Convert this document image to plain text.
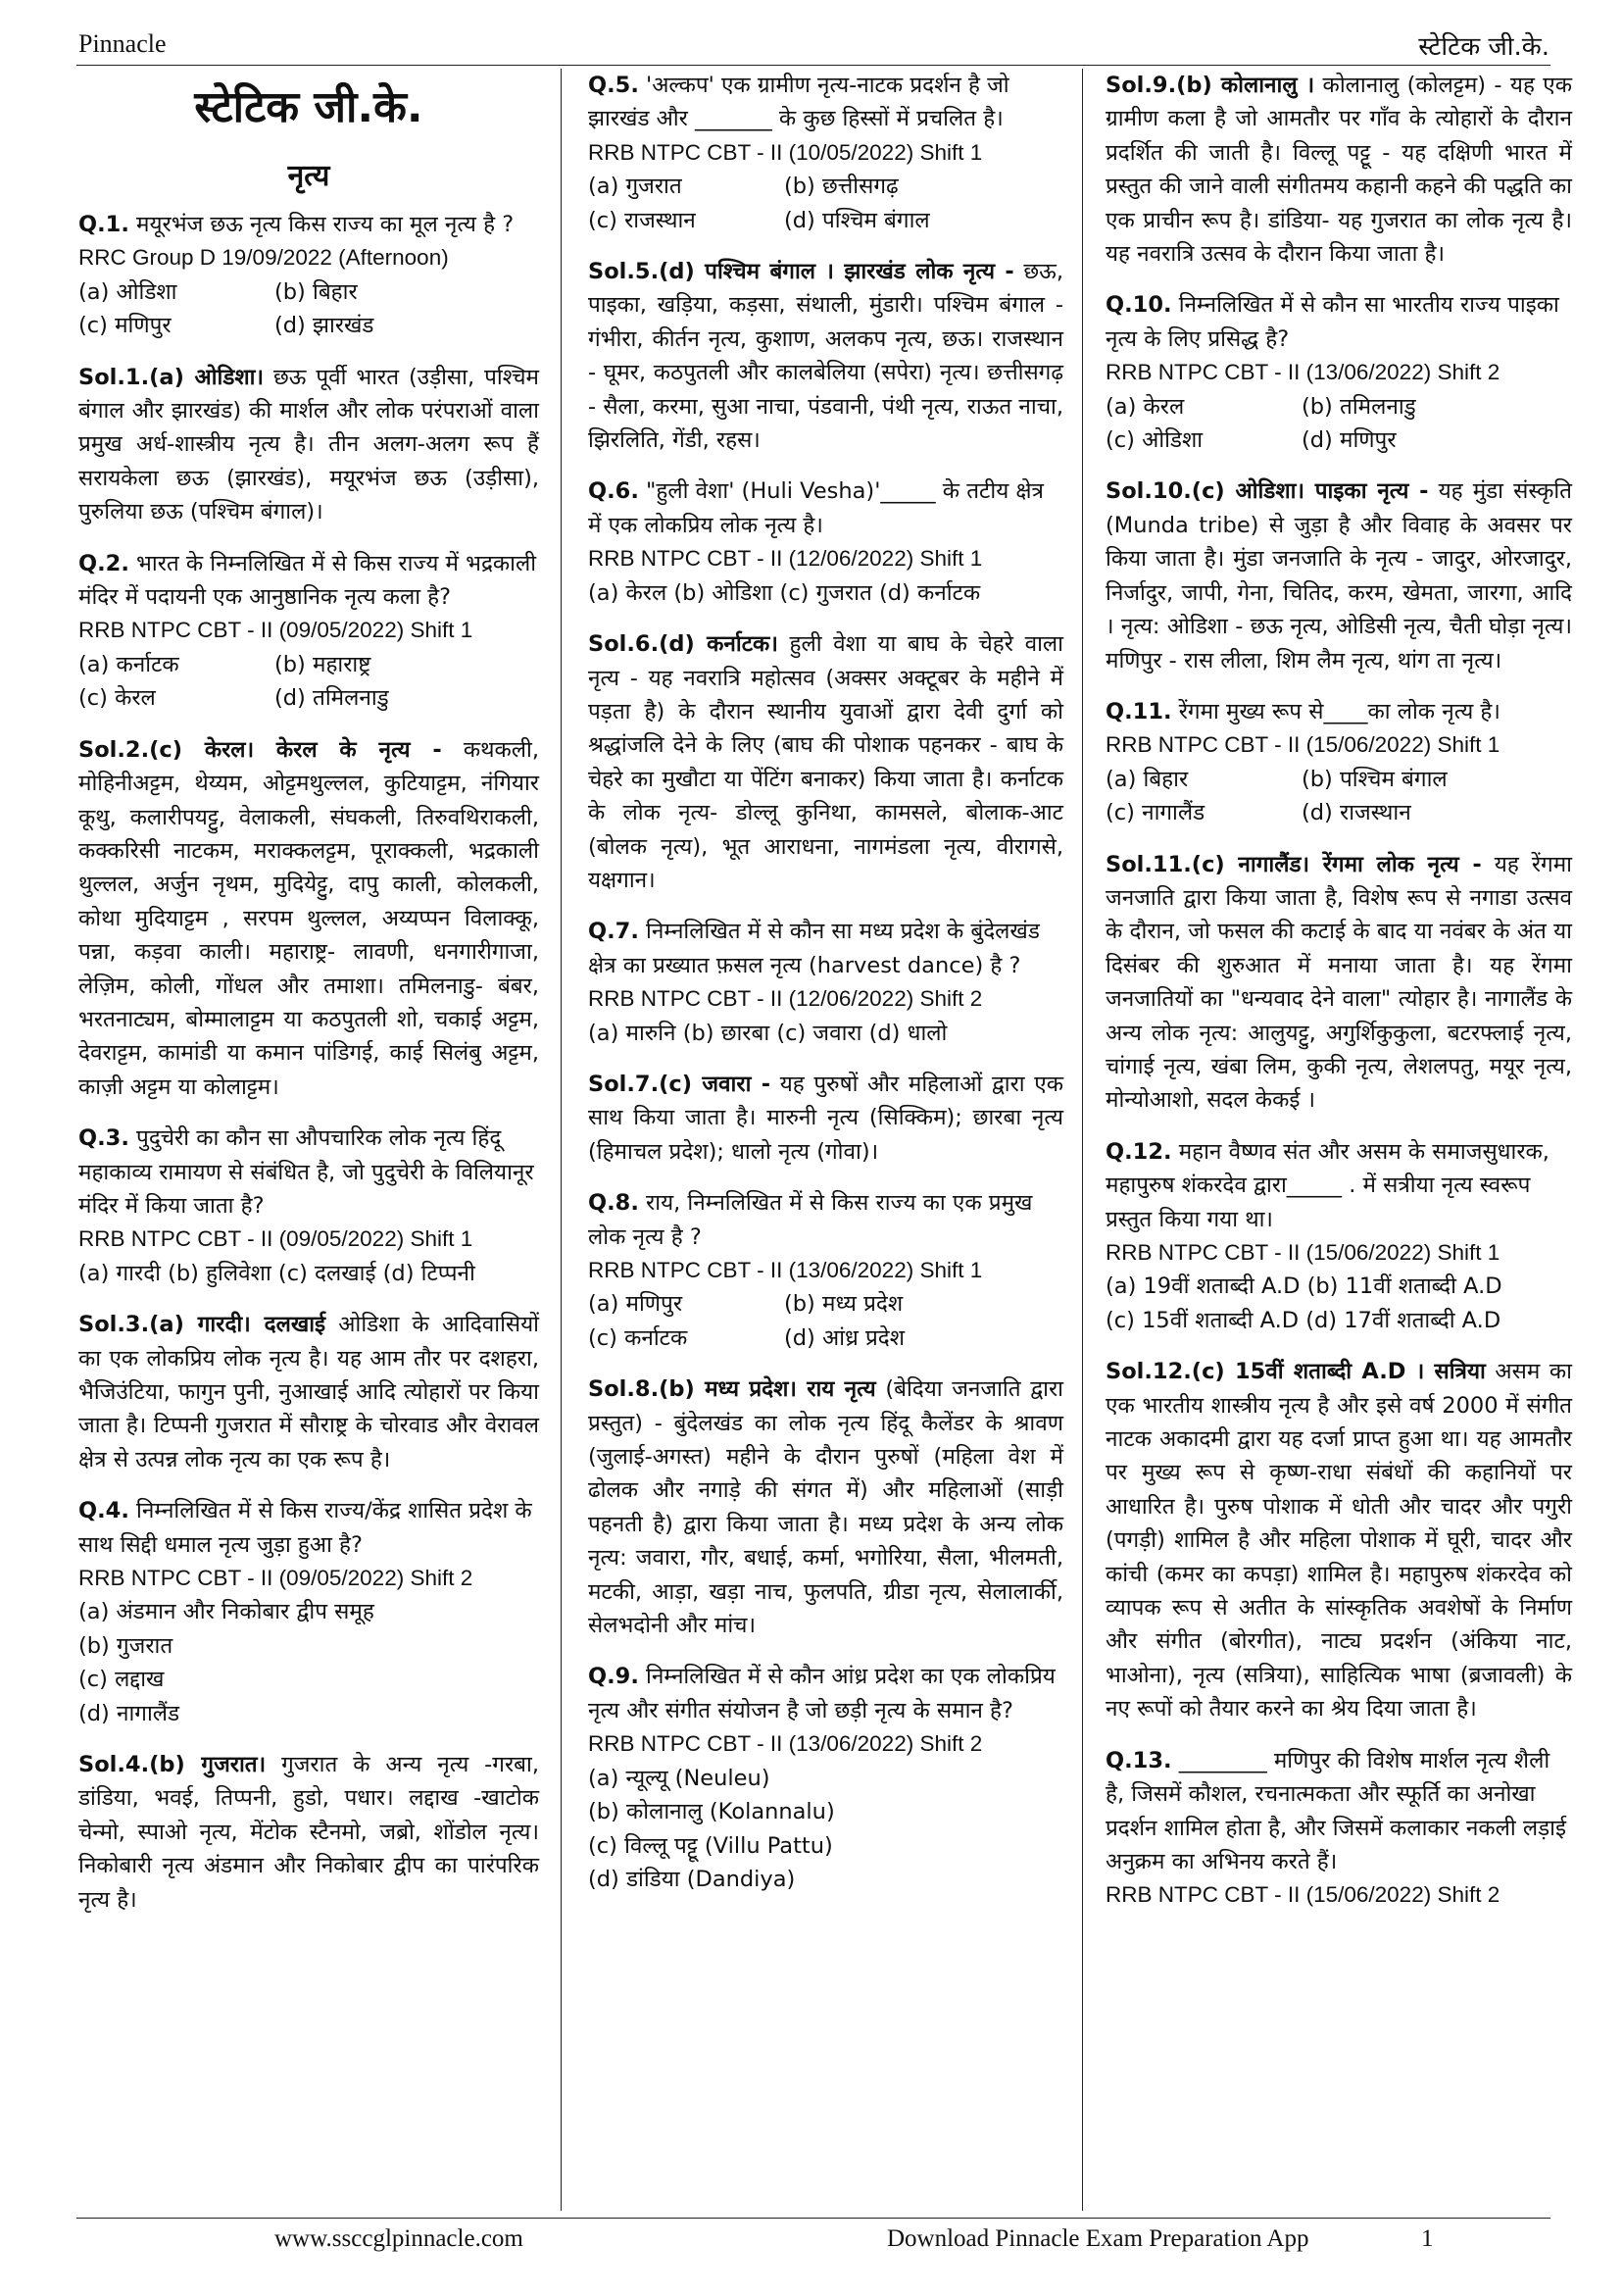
Pinnacle	स्टेटिक जी.के.
स्टेटिक जी.के.
नृत्य
Q.1. मयूरभंज छऊ नृत्य किस राज्य का मूल नृत्य है ?
RRC Group D 19/09/2022 (Afternoon)
(a) ओडिशा	(b) बिहार
(c) मणिपुर	(d) झारखंड
Sol.1.(a) ओडिशा। छऊ पूर्वी भारत (उड़ीसा, पश्चिम बंगाल और झारखंड) की मार्शल और लोक परंपराओं वाला प्रमुख अर्ध-शास्त्रीय नृत्य है। तीन अलग-अलग रूप हैं सरायकेला छऊ (झारखंड), मयूरभंज छऊ (उड़ीसा), पुरुलिया छऊ (पश्चिम बंगाल)।
Q.2. भारत के निम्नलिखित में से किस राज्य में भद्रकाली मंदिर में पदायनी एक आनुष्ठानिक नृत्य कला है?
RRB NTPC CBT - II (09/05/2022) Shift 1
(a) कर्नाटक	(b) महाराष्ट्र
(c) केरल	(d) तमिलनाडु
Sol.2.(c) केरल। केरल के नृत्य - कथकली, मोहिनीअट्टम, थेय्यम, ओट्टमथुल्लल, कुटियाट्टम, नंगियार कूथु, कलारीपयट्टु, वेलाकली, संघकली, तिरुवथिराकली, कक्करिसी नाटकम, मराक्कलट्टम, पूराक्कली, भद्रकाली थुल्लल, अर्जुन नृथम, मुदियेट्टु, दापु काली, कोलकली, कोथा मुदियाट्टम , सरपम थुल्लल, अय्यप्पन विलाक्कू, पन्ना, कड़वा काली। महाराष्ट्र- लावणी, धनगारीगाजा, लेज़िम, कोली, गोंधल और तमाशा। तमिलनाडु- बंबर, भरतनाट्यम, बोम्मालाट्टम या कठपुतली शो, चकाई अट्टम, देवराट्टम, कामांडी या कमान पांडिगई, काई सिलंबु अट्टम, काज़ी अट्टम या कोलाट्टम।
Q.3. पुदुचेरी का कौन सा औपचारिक लोक नृत्य हिंदू महाकाव्य रामायण से संबंधित है, जो पुदुचेरी के विलियानूर मंदिर में किया जाता है?
RRB NTPC CBT - II (09/05/2022) Shift 1
(a) गारदी (b) हुलिवेशा (c) दलखाई (d) टिप्पनी
Sol.3.(a) गारदी। दलखाई ओडिशा के आदिवासियों का एक लोकप्रिय लोक नृत्य है। यह आम तौर पर दशहरा, भैजिउंटिया, फागुन पुनी, नुआखाई आदि त्योहारों पर किया जाता है। टिप्पनी गुजरात में सौराष्ट्र के चोरवाड और वेरावल क्षेत्र से उत्पन्न लोक नृत्य का एक रूप है।
Q.4. निम्नलिखित में से किस राज्य/केंद्र शासित प्रदेश के साथ सिद्दी धमाल नृत्य जुड़ा हुआ है?
RRB NTPC CBT - II (09/05/2022) Shift 2
(a) अंडमान और निकोबार द्वीप समूह
(b) गुजरात
(c) लद्दाख
(d) नागालैंड
Sol.4.(b) गुजरात। गुजरात के अन्य नृत्य -गरबा, डांडिया, भवई, तिप्पनी, हुडो, पधार। लद्दाख -खाटोक चेन्मो, स्पाओ नृत्य, मेंटोक स्टैनमो, जब्रो, शोंडोल नृत्य। निकोबारी नृत्य अंडमान और निकोबार द्वीप का पारंपरिक नृत्य है।
Q.5. 'अल्कप' एक ग्रामीण नृत्य-नाटक प्रदर्शन है जो झारखंड और _______ के कुछ हिस्सों में प्रचलित है।
RRB NTPC CBT - II (10/05/2022) Shift 1
(a) गुजरात	(b) छत्तीसगढ़
(c) राजस्थान	(d) पश्चिम बंगाल
Sol.5.(d) पश्चिम बंगाल । झारखंड लोक नृत्य - छऊ, पाइका, खड़िया, कड़सा, संथाली, मुंडारी। पश्चिम बंगाल - गंभीरा, कीर्तन नृत्य, कुशाण, अलकप नृत्य, छऊ। राजस्थान - घूमर, कठपुतली और कालबेलिया (सपेरा) नृत्य। छत्तीसगढ़ - सैला, करमा, सुआ नाचा, पंडवानी, पंथी नृत्य, राऊत नाचा, झिरलिति, गेंडी, रहस।
Q.6. "हुली वेशा' (Huli Vesha)'_____ के तटीय क्षेत्र में एक लोकप्रिय लोक नृत्य है।
RRB NTPC CBT - II (12/06/2022) Shift 1
(a) केरल (b) ओडिशा (c) गुजरात (d) कर्नाटक
Sol.6.(d) कर्नाटक। हुली वेशा या बाघ के चेहरे वाला नृत्य - यह नवरात्रि महोत्सव (अक्सर अक्टूबर के महीने में पड़ता है) के दौरान स्थानीय युवाओं द्वारा देवी दुर्गा को श्रद्धांजलि देने के लिए (बाघ की पोशाक पहनकर - बाघ के चेहरे का मुखौटा या पेंटिंग बनाकर) किया जाता है। कर्नाटक के लोक नृत्य- डोल्लू कुनिथा, कामसले, बोलाक-आट (बोलक नृत्य), भूत आराधना, नागमंडला नृत्य, वीरागसे, यक्षगान।
Q.7. निम्नलिखित में से कौन सा मध्य प्रदेश के बुंदेलखंड क्षेत्र का प्रख्यात फ़सल नृत्य (harvest dance) है ?
RRB NTPC CBT - II (12/06/2022) Shift 2
(a) मारुनि (b) छारबा (c) जवारा (d) धालो
Sol.7.(c) जवारा - यह पुरुषों और महिलाओं द्वारा एक साथ किया जाता है। मारुनी नृत्य (सिक्किम); छारबा नृत्य (हिमाचल प्रदेश); धालो नृत्य (गोवा)।
Q.8. राय, निम्नलिखित में से किस राज्य का एक प्रमुख लोक नृत्य है ?
RRB NTPC CBT - II (13/06/2022) Shift 1
(a) मणिपुर	(b) मध्य प्रदेश
(c) कर्नाटक	(d) आंध्र प्रदेश
Sol.8.(b) मध्य प्रदेश। राय नृत्य (बेदिया जनजाति द्वारा प्रस्तुत) - बुंदेलखंड का लोक नृत्य हिंदू कैलेंडर के श्रावण (जुलाई-अगस्त) महीने के दौरान पुरुषों (महिला वेश में ढोलक और नगाड़े की संगत में) और महिलाओं (साड़ी पहनती है) द्वारा किया जाता है। मध्य प्रदेश के अन्य लोक नृत्य: जवारा, गौर, बधाई, कर्मा, भगोरिया, सैला, भीलमती, मटकी, आड़ा, खड़ा नाच, फुलपति, ग्रीडा नृत्य, सेलालार्की, सेलभदोनी और मांच।
Q.9. निम्नलिखित में से कौन आंध्र प्रदेश का एक लोकप्रिय नृत्य और संगीत संयोजन है जो छड़ी नृत्य के समान है?
RRB NTPC CBT - II (13/06/2022) Shift 2
(a) न्यूल्यू (Neuleu)
(b) कोलानालु (Kolannalu)
(c) विल्लू पट्टू (Villu Pattu)
(d) डांडिया (Dandiya)
Sol.9.(b) कोलानालु । कोलानालु (कोलट्टम) - यह एक ग्रामीण कला है जो आमतौर पर गाँव के त्योहारों के दौरान प्रदर्शित की जाती है। विल्लू पट्टू - यह दक्षिणी भारत में प्रस्तुत की जाने वाली संगीतमय कहानी कहने की पद्धति का एक प्राचीन रूप है। डांडिया- यह गुजरात का लोक नृत्य है। यह नवरात्रि उत्सव के दौरान किया जाता है।
Q.10. निम्नलिखित में से कौन सा भारतीय राज्य पाइका नृत्य के लिए प्रसिद्ध है?
RRB NTPC CBT - II (13/06/2022) Shift 2
(a) केरल	(b) तमिलनाडु
(c) ओडिशा	(d) मणिपुर
Sol.10.(c) ओडिशा। पाइका नृत्य - यह मुंडा संस्कृति (Munda tribe) से जुड़ा है और विवाह के अवसर पर किया जाता है। मुंडा जनजाति के नृत्य - जादुर, ओरजादुर, निर्जादुर, जापी, गेना, चितिद, करम, खेमता, जारगा, आदि । नृत्य: ओडिशा - छऊ नृत्य, ओडिसी नृत्य, चैती घोड़ा नृत्य। मणिपुर - रास लीला, शिम लैम नृत्य, थांग ता नृत्य।
Q.11. रेंगमा मुख्य रूप से____का लोक नृत्य है।
RRB NTPC CBT - II (15/06/2022) Shift 1
(a) बिहार	(b) पश्चिम बंगाल
(c) नागालैंड	(d) राजस्थान
Sol.11.(c) नागालैंड। रेंगमा लोक नृत्य - यह रेंगमा जनजाति द्वारा किया जाता है, विशेष रूप से नगाडा उत्सव के दौरान, जो फसल की कटाई के बाद या नवंबर के अंत या दिसंबर की शुरुआत में मनाया जाता है। यह रेंगमा जनजातियों का "धन्यवाद देने वाला" त्योहार है। नागालैंड के अन्य लोक नृत्य: आलुयट्टु, अगुर्शिकुकुला, बटरफ्लाई नृत्य, चांगाई नृत्य, खंबा लिम, कुकी नृत्य, लेशलपतु, मयूर नृत्य, मोन्योआशो, सदल केकई ।
Q.12. महान वैष्णव संत और असम के समाजसुधारक, महापुरुष शंकरदेव द्वारा_____ . में सत्रीया नृत्य स्वरूप प्रस्तुत किया गया था।
RRB NTPC CBT - II (15/06/2022) Shift 1
(a) 19वीं शताब्दी A.D (b) 11वीं शताब्दी A.D
(c) 15वीं शताब्दी A.D (d) 17वीं शताब्दी A.D
Sol.12.(c) 15वीं शताब्दी A.D । सत्रिया असम का एक भारतीय शास्त्रीय नृत्य है और इसे वर्ष 2000 में संगीत नाटक अकादमी द्वारा यह दर्जा प्राप्त हुआ था। यह आमतौर पर मुख्य रूप से कृष्ण-राधा संबंधों की कहानियों पर आधारित है। पुरुष पोशाक में धोती और चादर और पगुरी (पगड़ी) शामिल है और महिला पोशाक में घूरी, चादर और कांची (कमर का कपड़ा) शामिल है। महापुरुष शंकरदेव को व्यापक रूप से अतीत के सांस्कृतिक अवशेषों के निर्माण और संगीत (बोरगीत), नाट्य प्रदर्शन (अंकिया नाट, भाओना), नृत्य (सत्रिया), साहित्यिक भाषा (ब्रजावली) के नए रूपों को तैयार करने का श्रेय दिया जाता है।
Q.13. ________ मणिपुर की विशेष मार्शल नृत्य शैली है, जिसमें कौशल, रचनात्मकता और स्फूर्ति का अनोखा प्रदर्शन शामिल होता है, और जिसमें कलाकार नकली लड़ाई अनुक्रम का अभिनय करते हैं।
RRB NTPC CBT - II (15/06/2022) Shift 2
www.ssccglpinnacle.com	Download Pinnacle Exam Preparation App	1
